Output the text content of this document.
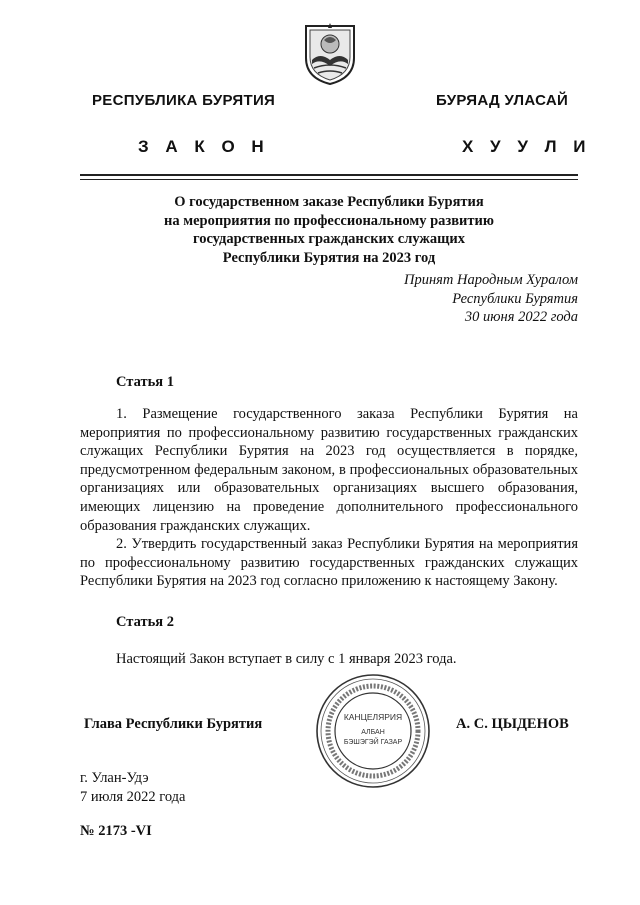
РЕСПУБЛИКА БУРЯТИЯ	БУРЯАД УЛАСАЙ
З А К О Н	Х У У Л И
О государственном заказе Республики Бурятия
на мероприятия по профессиональному развитию
государственных гражданских служащих
Республики Бурятия на 2023 год
Принят Народным Хуралом
Республики Бурятия
30 июня 2022 года
Статья 1
1. Размещение государственного заказа Республики Бурятия на мероприятия по профессиональному развитию государственных гражданских служащих Республики Бурятия на 2023 год осуществляется в порядке, предусмотренном федеральным законом, в профессиональных образовательных организациях или образовательных организациях высшего образования, имеющих лицензию на проведение дополнительного профессионального образования гражданских служащих.
2. Утвердить государственный заказ Республики Бурятия на мероприятия по профессиональному развитию государственных гражданских служащих Республики Бурятия на 2023 год согласно приложению к настоящему Закону.
Статья 2
Настоящий Закон вступает в силу с 1 января 2023 года.
Глава Республики Бурятия	А. С. ЦЫДЕНОВ
КАНЦЕЛЯРИЯ
АЛБАН
БЭШЭГЭЙ ГАЗАР
г. Улан-Удэ
7 июля 2022 года
№ 2173 -VI
